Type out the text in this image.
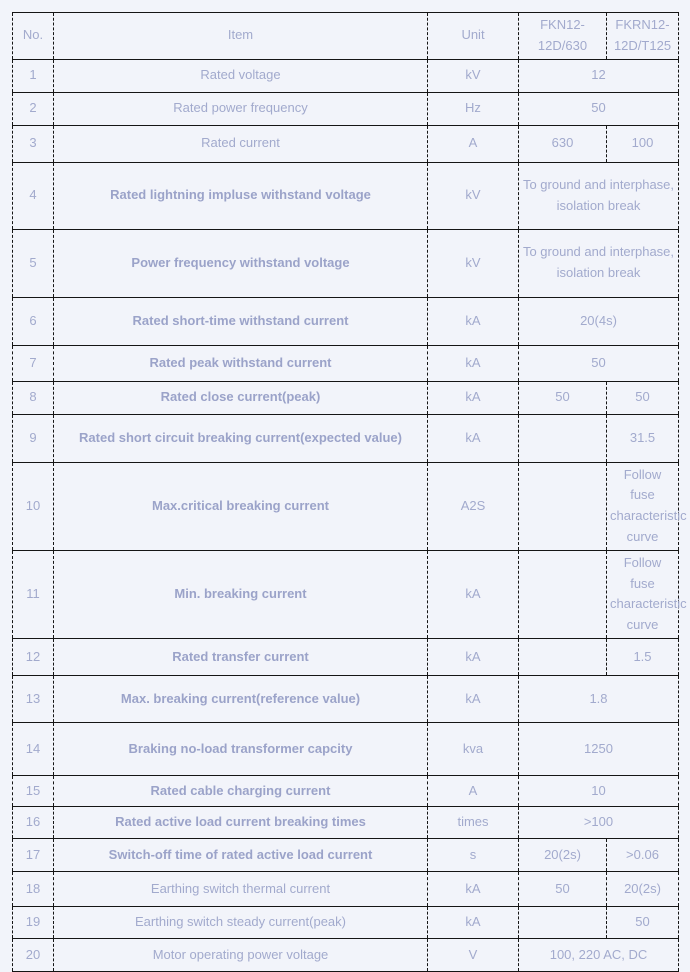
No.	Item	Unit	FKN12-12D/630	FKRN12-12D/T125
1	Rated voltage	kV	12	
2	Rated power frequency	Hz	50	
3	Rated current	A	630	100
4	Rated lightning impluse withstand voltage	kV	To ground and interphase, isolation break	
5	Power frequency withstand voltage	kV	To ground and interphase, isolation break	
6	Rated short-time withstand current	kA	20(4s)	
7	Rated peak withstand current	kA	50	
8	Rated close current(peak)	kA	50	50
9	Rated short circuit breaking current(expected value)	kA		31.5
10	Max.critical breaking current	A2S		Follow fuse characteristic curve
11	Min. breaking current	kA		Follow fuse characteristic curve
12	Rated transfer current	kA		1.5
13	Max. breaking current(reference value)	kA	1.8	
14	Braking no-load transformer capcity	kva	1250	
15	Rated cable charging current	A	10	
16	Rated active load current breaking times	times	>100	
17	Switch-off time of rated active load current	s	20(2s)	>0.06
18	Earthing switch thermal current	kA	50	20(2s)
19	Earthing switch steady current(peak)	kA		50
20	Motor operating power voltage	V	100, 220 AC, DC	
